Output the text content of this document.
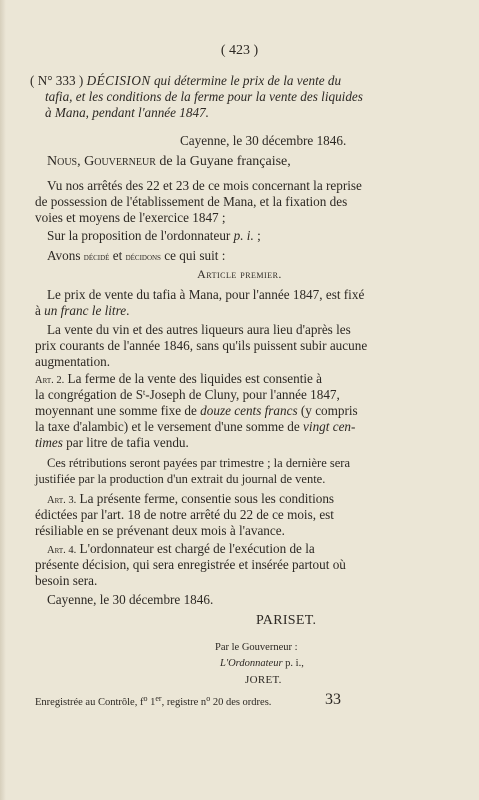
( 423 )
( N° 333 ) DÉCISION qui détermine le prix de la vente du
tafia, et les conditions de la ferme pour la vente des liquides
à Mana, pendant l'année 1847.
Cayenne, le 30 décembre 1846.
Nous, Gouverneur de la Guyane française,
Vu nos arrêtés des 22 et 23 de ce mois concernant la reprise
de possession de l'établissement de Mana, et la fixation des
voies et moyens de l'exercice 1847 ;
Sur la proposition de l'ordonnateur p. i. ;
Avons décidé et décidons ce qui suit :
Article premier.
Le prix de vente du tafia à Mana, pour l'année 1847, est fixé
à un franc le litre.
La vente du vin et des autres liqueurs aura lieu d'après les
prix courants de l'année 1846, sans qu'ils puissent subir aucune
augmentation.
Art. 2. La ferme de la vente des liquides est consentie à
la congrégation de $S^t$-Joseph de Cluny, pour l'année 1847,
moyennant une somme fixe de douze cents francs (y compris
la taxe d'alambic) et le versement d'une somme de vingt cen-
times par litre de tafia vendu.
Ces rétributions seront payées par trimestre ; la dernière sera
justifiée par la production d'un extrait du journal de vente.
Art. 3. La présente ferme, consentie sous les conditions
édictées par l'art. 18 de notre arrêté du 22 de ce mois, est
résiliable en se prévenant deux mois à l'avance.
Art. 4. L'ordonnateur est chargé de l'exécution de la
présente décision, qui sera enregistrée et insérée partout où
besoin sera.
Cayenne, le 30 décembre 1846.
PARISET.
Par le Gouverneur :
L'Ordonnateur p. i.,
JORET.
Enregistrée au Contrôle, $f^o$ 1er, registre $n^o$ 20 des ordres.	33
